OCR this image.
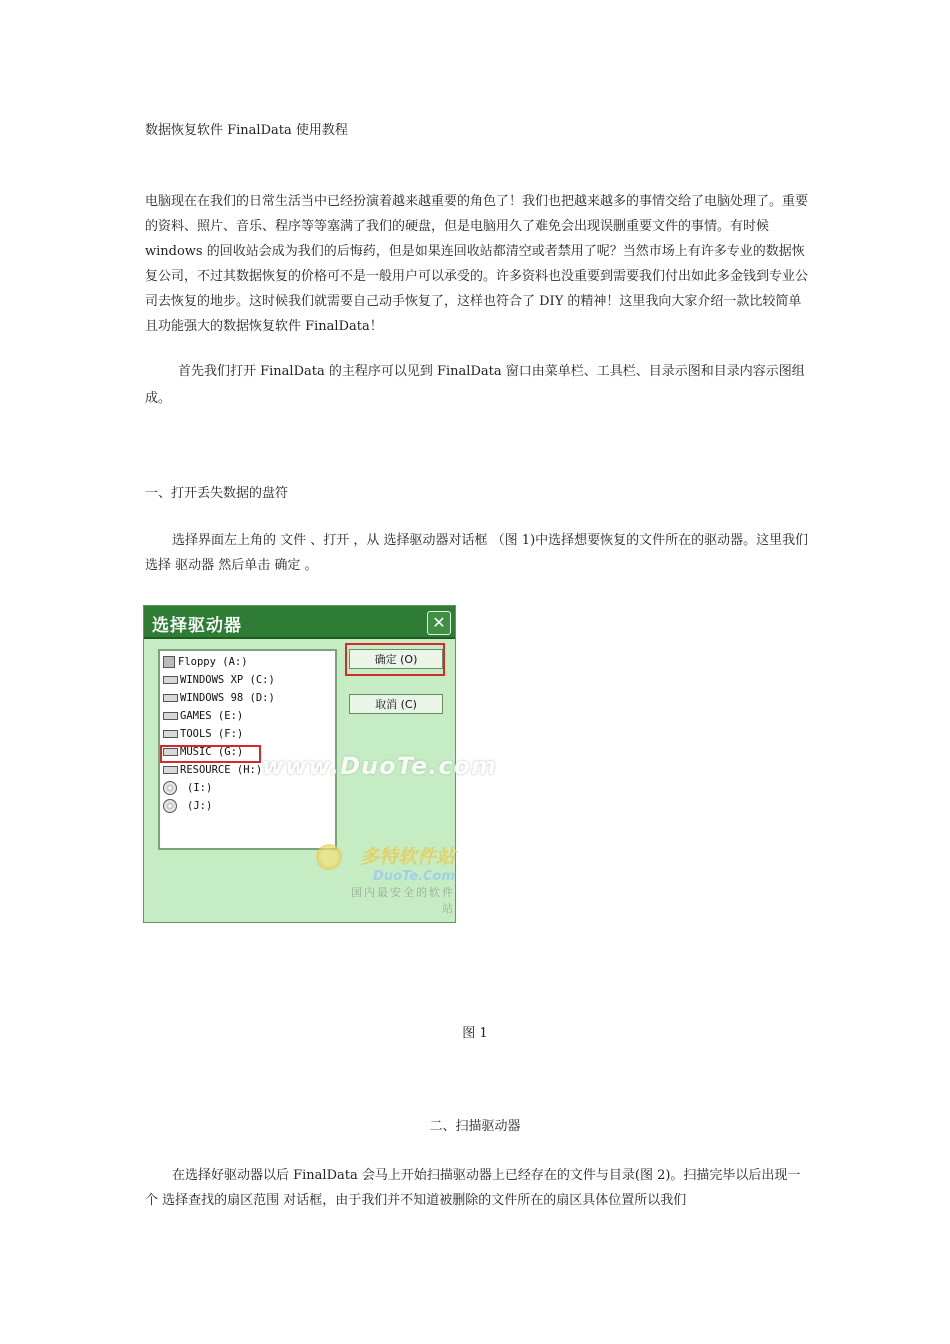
数据恢复软件 FinalData 使用教程

电脑现在在我们的日常生活当中已经扮演着越来越重要的角色了！我们也把越来越多的事情交给了电脑处理了。重要的资料、照片、音乐、程序等等塞满了我们的硬盘，但是电脑用久了难免会出现误删重要文件的事情。有时候 windows 的回收站会成为我们的后悔药，但是如果连回收站都清空或者禁用了呢？当然市场上有许多专业的数据恢复公司，不过其数据恢复的价格可不是一般用户可以承受的。许多资料也没重要到需要我们付出如此多金钱到专业公司去恢复的地步。这时候我们就需要自己动手恢复了，这样也符合了 DIY 的精神！这里我向大家介绍一款比较简单且功能强大的数据恢复软件 FinalData！

首先我们打开 FinalData 的主程序可以见到 FinalData 窗口由菜单栏、工具栏、目录示图和目录内容示图组成。

一、打开丢失数据的盘符

选择界面左上角的 文件 、打开 ，从 选择驱动器对话框 （图 1)中选择想要恢复的文件所在的驱动器。这里我们选择 驱动器 然后单击 确定 。

选择驱动器	✕
Floppy (A:)
WINDOWS XP (C:)
WINDOWS 98 (D:)
GAMES (E:)
TOOLS (F:)
MUSIC (G:)
RESOURCE (H:)
(I:)
(J:)
确定 (O)
取消 (C)
www.DuoTe.com
多特软件站
DuoTe.Com
国内最安全的软件站

图 1

二、扫描驱动器

在选择好驱动器以后 FinalData 会马上开始扫描驱动器上已经存在的文件与目录(图 2)。扫描完毕以后出现一个 选择查找的扇区范围 对话框，由于我们并不知道被删除的文件所在的扇区具体位置所以我们
